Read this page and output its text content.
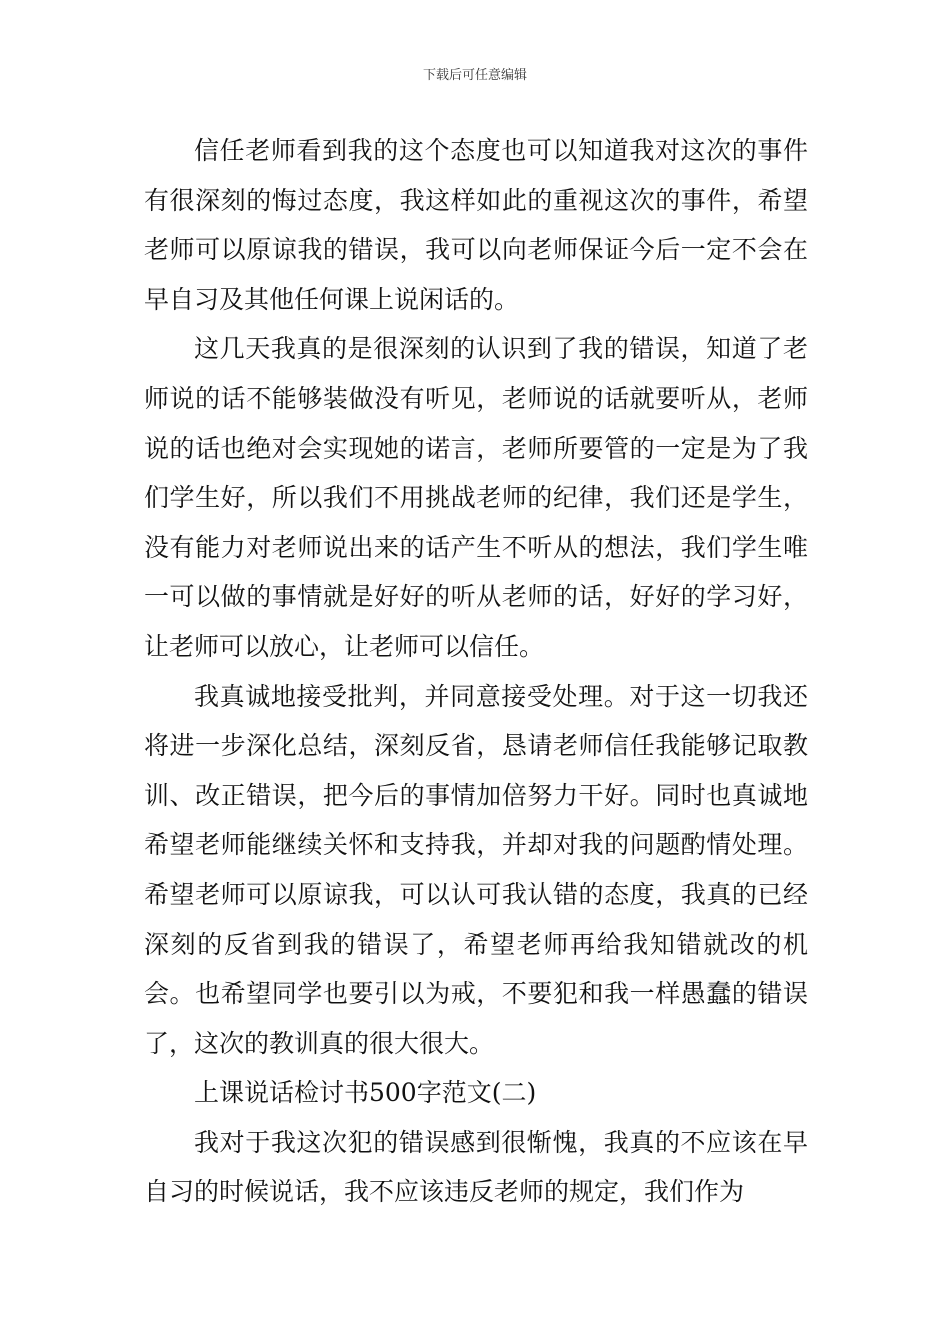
下载后可任意编辑

信任老师看到我的这个态度也可以知道我对这次的事件有很深刻的悔过态度，我这样如此的重视这次的事件，希望老师可以原谅我的错误，我可以向老师保证今后一定不会在早自习及其他任何课上说闲话的。

这几天我真的是很深刻的认识到了我的错误，知道了老师说的话不能够装做没有听见，老师说的话就要听从，老师说的话也绝对会实现她的诺言，老师所要管的一定是为了我们学生好，所以我们不用挑战老师的纪律，我们还是学生，没有能力对老师说出来的话产生不听从的想法，我们学生唯一可以做的事情就是好好的听从老师的话，好好的学习好，让老师可以放心，让老师可以信任。

我真诚地接受批判，并同意接受处理。对于这一切我还将进一步深化总结，深刻反省，恳请老师信任我能够记取教训、改正错误，把今后的事情加倍努力干好。同时也真诚地希望老师能继续关怀和支持我，并却对我的问题酌情处理。希望老师可以原谅我，可以认可我认错的态度，我真的已经深刻的反省到我的错误了，希望老师再给我知错就改的机会。也希望同学也要引以为戒，不要犯和我一样愚蠢的错误了，这次的教训真的很大很大。

上课说话检讨书500字范文(二)

我对于我这次犯的错误感到很惭愧，我真的不应该在早自习的时候说话，我不应该违反老师的规定，我们作为
